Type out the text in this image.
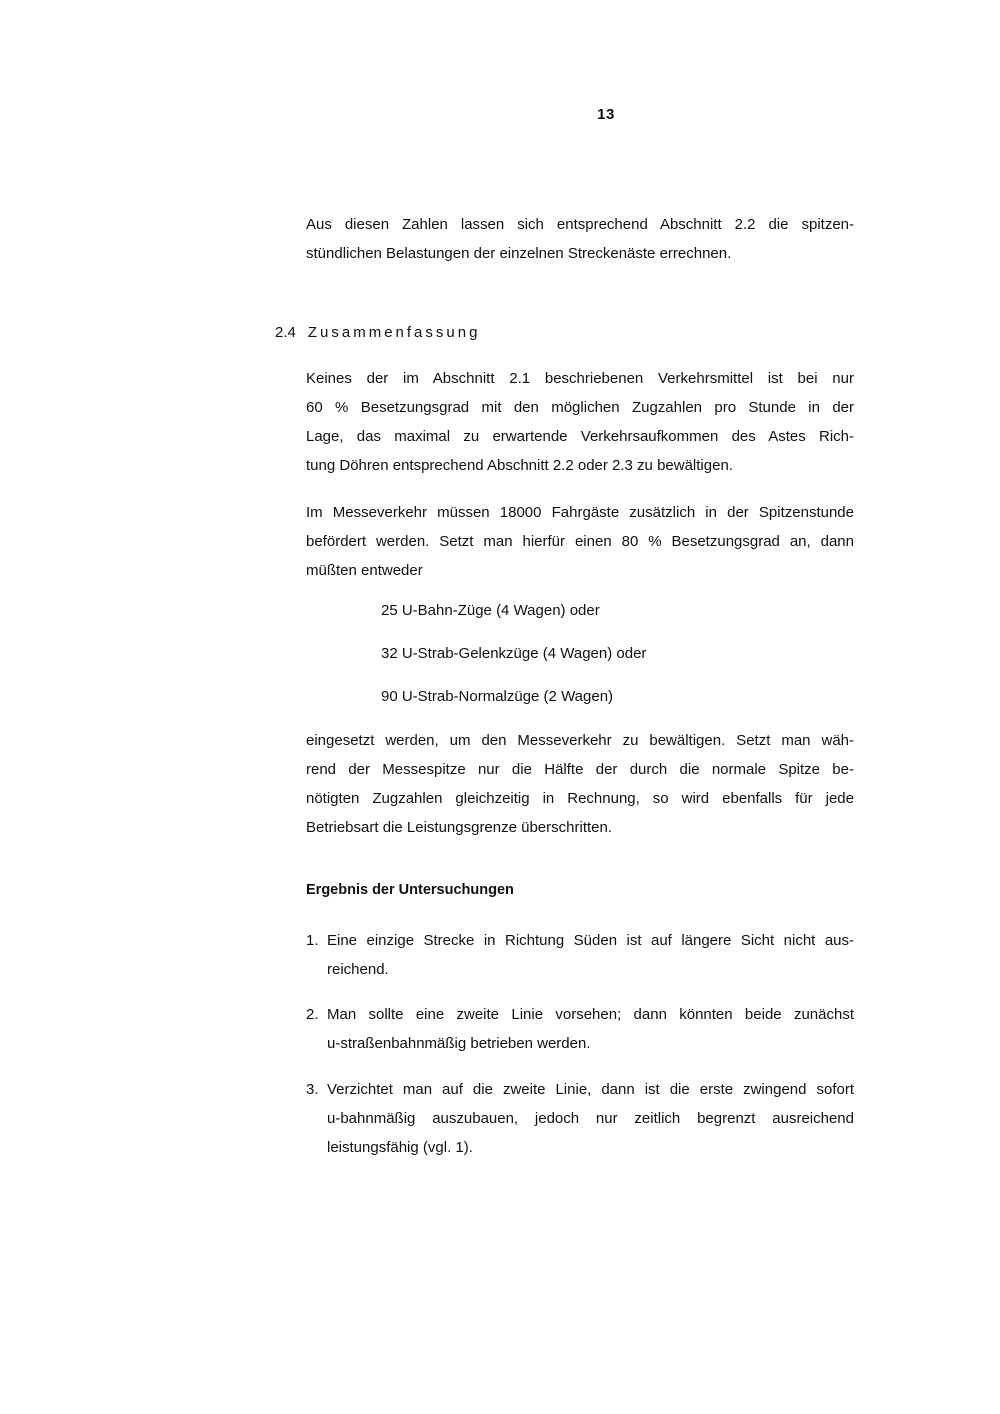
13
Aus diesen Zahlen lassen sich entsprechend Abschnitt 2.2 die spitzen-
stündlichen Belastungen der einzelnen Streckenäste errechnen.
2.4 Zusammenfassung
Keines der im Abschnitt 2.1 beschriebenen Verkehrsmittel ist bei nur
60 % Besetzungsgrad mit den möglichen Zugzahlen pro Stunde in der
Lage, das maximal zu erwartende Verkehrsaufkommen des Astes Rich-
tung Döhren entsprechend Abschnitt 2.2 oder 2.3 zu bewältigen.
Im Messeverkehr müssen 18000 Fahrgäste zusätzlich in der Spitzenstunde
befördert werden. Setzt man hierfür einen 80 % Besetzungsgrad an, dann
müßten entweder
25 U-Bahn-Züge (4 Wagen) oder
32 U-Strab-Gelenkzüge (4 Wagen) oder
90 U-Strab-Normalzüge (2 Wagen)
eingesetzt werden, um den Messeverkehr zu bewältigen. Setzt man wäh-
rend der Messespitze nur die Hälfte der durch die normale Spitze be-
nötigten Zugzahlen gleichzeitig in Rechnung, so wird ebenfalls für jede
Betriebsart die Leistungsgrenze überschritten.
Ergebnis der Untersuchungen
1. Eine einzige Strecke in Richtung Süden ist auf längere Sicht nicht aus-
reichend.
2. Man sollte eine zweite Linie vorsehen; dann könnten beide zunächst
u-straßenbahnmäßig betrieben werden.
3. Verzichtet man auf die zweite Linie, dann ist die erste zwingend sofort
u-bahnmäßig auszubauen, jedoch nur zeitlich begrenzt ausreichend
leistungsfähig (vgl. 1).
